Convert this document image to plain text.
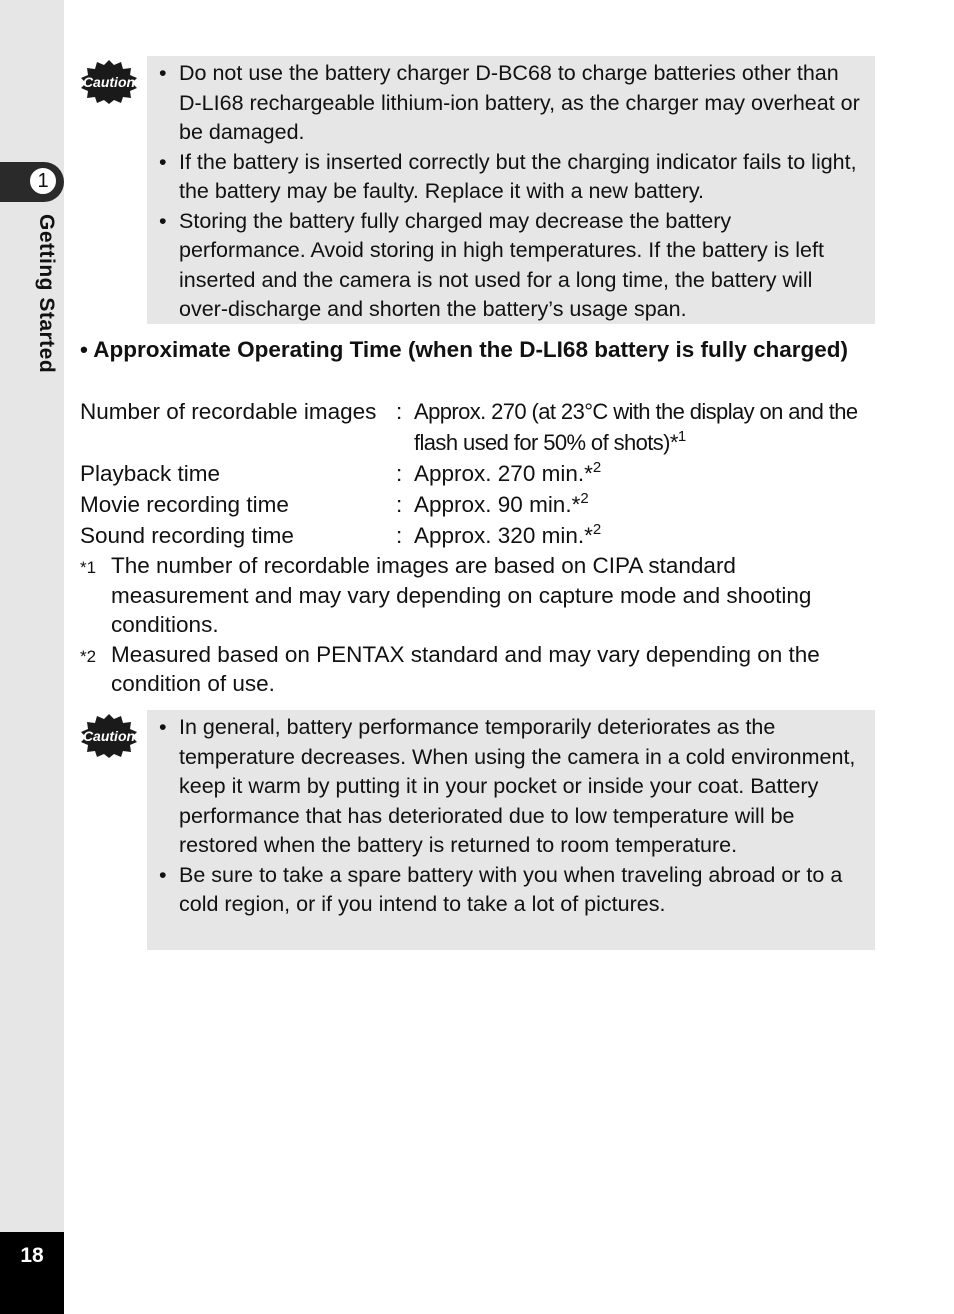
1
Getting Started
18
Caution	• Do not use the battery charger D-BC68 to charge batteries other than D-LI68 rechargeable lithium-ion battery, as the charger may overheat or be damaged.
• If the battery is inserted correctly but the charging indicator fails to light, the battery may be faulty. Replace it with a new battery.
• Storing the battery fully charged may decrease the battery performance. Avoid storing in high temperatures. If the battery is left inserted and the camera is not used for a long time, the battery will over-discharge and shorten the battery’s usage span.
• Approximate Operating Time (when the D-LI68 battery is fully charged)
Number of recordable images	:	Approx. 270 (at 23°C with the display on and the flash used for 50% of shots)*$^1$
Playback time	:	Approx. 270 min.*$^2$
Movie recording time	:	Approx. 90 min.*$^2$
Sound recording time	:	Approx. 320 min.*$^2$
*1 The number of recordable images are based on CIPA standard measurement and may vary depending on capture mode and shooting conditions.
*2 Measured based on PENTAX standard and may vary depending on the condition of use.
Caution	• In general, battery performance temporarily deteriorates as the temperature decreases. When using the camera in a cold environment, keep it warm by putting it in your pocket or inside your coat. Battery performance that has deteriorated due to low temperature will be restored when the battery is returned to room temperature.
• Be sure to take a spare battery with you when traveling abroad or to a cold region, or if you intend to take a lot of pictures.
